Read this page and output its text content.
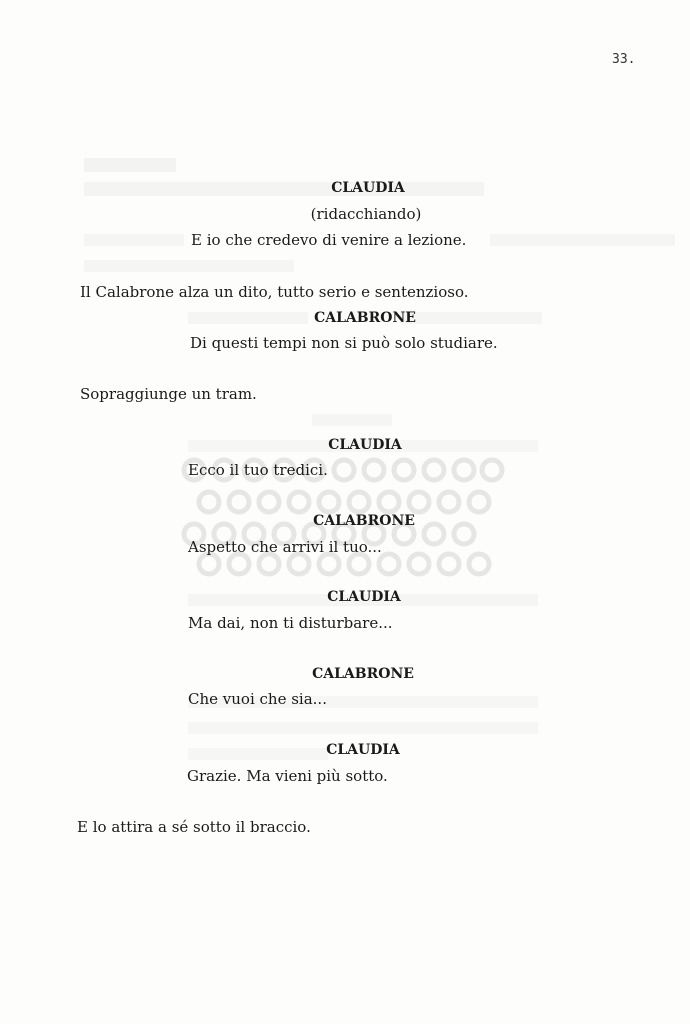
33.
CLAUDIA
(ridacchiando)
E io che credevo di venire a lezione.
Il Calabrone alza un dito, tutto serio e sentenzioso.
CALABRONE
Di questi tempi non si può solo studiare.
Sopraggiunge un tram.
CLAUDIA
Ecco il tuo tredici.
CALABRONE
Aspetto che arrivi il tuo...
CLAUDIA
Ma dai, non ti disturbare...
CALABRONE
Che vuoi che sia...
CLAUDIA
Grazie. Ma vieni più sotto.
E lo attira a sé sotto il braccio.
